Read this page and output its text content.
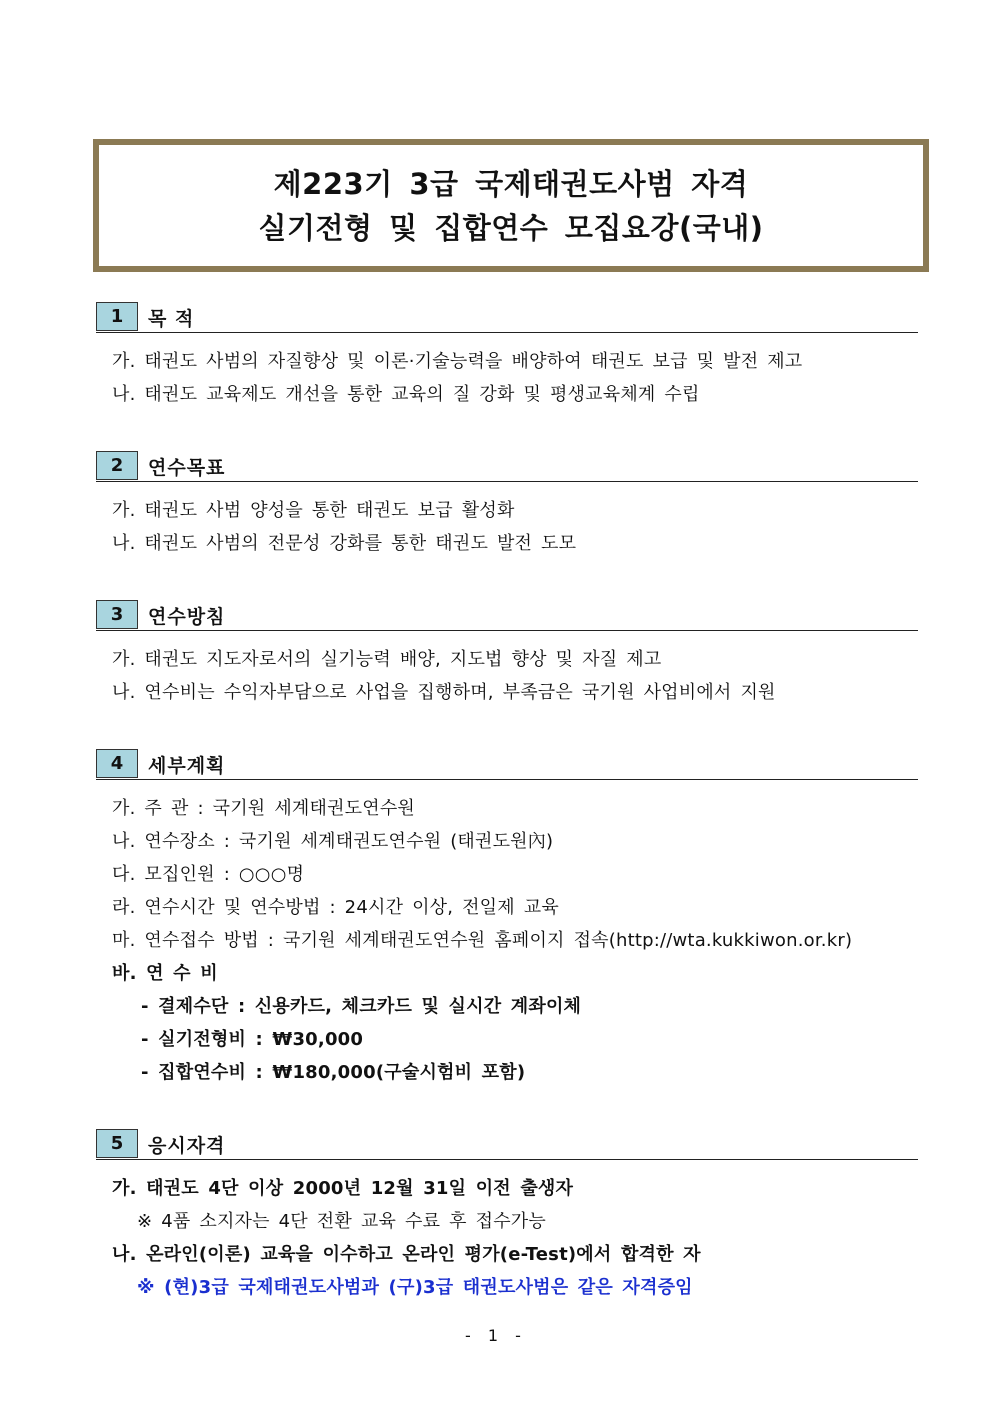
제223기 3급 국제태권도사범 자격
실기전형 및 집합연수 모집요강(국내)
1	목 적
가. 태권도 사범의 자질향상 및 이론·기술능력을 배양하여 태권도 보급 및 발전 제고
나. 태권도 교육제도 개선을 통한 교육의 질 강화 및 평생교육체계 수립
2	연수목표
가. 태권도 사범 양성을 통한 태권도 보급 활성화
나. 태권도 사범의 전문성 강화를 통한 태권도 발전 도모
3	연수방침
가. 태권도 지도자로서의 실기능력 배양, 지도법 향상 및 자질 제고
나. 연수비는 수익자부담으로 사업을 집행하며, 부족금은 국기원 사업비에서 지원
4	세부계획
가. 주 관 : 국기원 세계태권도연수원
나. 연수장소 : 국기원 세계태권도연수원 (태권도원內)
다. 모집인원 : ○○○명
라. 연수시간 및 연수방법 : 24시간 이상, 전일제 교육
마. 연수접수 방법 : 국기원 세계태권도연수원 홈페이지 접속(http://wta.kukkiwon.or.kr)
바. 연 수 비
- 결제수단 : 신용카드, 체크카드 및 실시간 계좌이체
- 실기전형비 : ₩30,000
- 집합연수비 : ₩180,000(구술시험비 포함)
5	응시자격
가. 태권도 4단 이상 2000년 12월 31일 이전 출생자
※ 4품 소지자는 4단 전환 교육 수료 후 접수가능
나. 온라인(이론) 교육을 이수하고 온라인 평가(e-Test)에서 합격한 자
※ (현)3급 국제태권도사범과 (구)3급 태권도사범은 같은 자격증임
- 1 -
